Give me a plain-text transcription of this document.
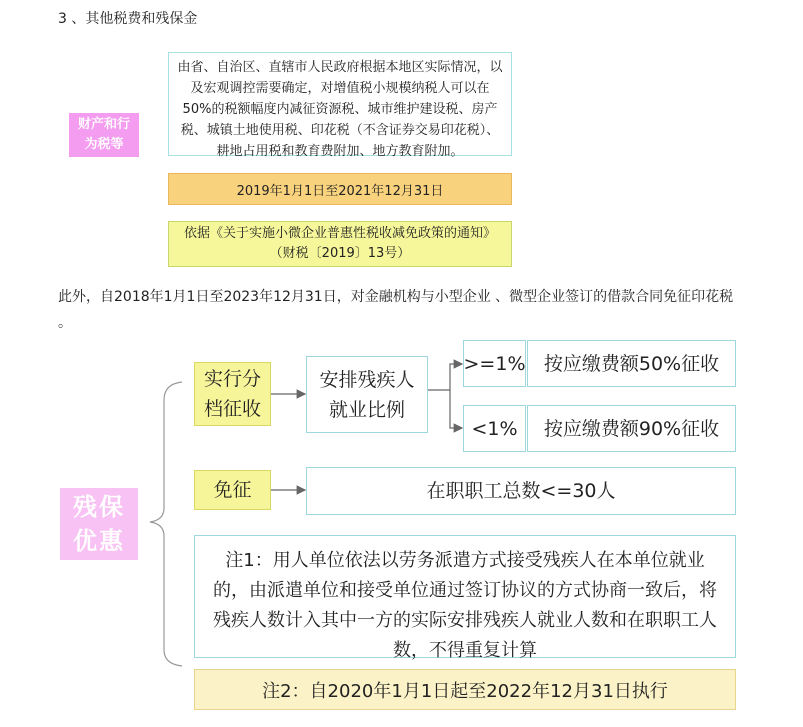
3 、其他税费和残保金
财产和行
为税等
由省、自治区、直辖市人民政府根据本地区实际情况，以及宏观调控需要确定，对增值税小规模纳税人可以在50%的税额幅度内减征资源税、城市维护建设税、房产税、城镇土地使用税、印花税（不含证券交易印花税）、耕地占用税和教育费附加、地方教育附加。
2019年1月1日至2021年12月31日
依据《关于实施小微企业普惠性税收减免政策的通知》（财税〔2019〕13号）
此外，自2018年1月1日至2023年12月31日，对金融机构与小型企业 、微型企业签订的借款合同免征印花税 。
残保
优惠
实行分
档征收
安排残疾人
就业比例
>=1% 按应缴费额50%征收
<1%	按应缴费额90%征收
免征	在职职工总数<=30人
注1：用人单位依法以劳务派遣方式接受残疾人在本单位就业的，由派遣单位和接受单位通过签订协议的方式协商一致后，将残疾人数计入其中一方的实际安排残疾人就业人数和在职职工人数，不得重复计算
注2：自2020年1月1日起至2022年12月31日执行
